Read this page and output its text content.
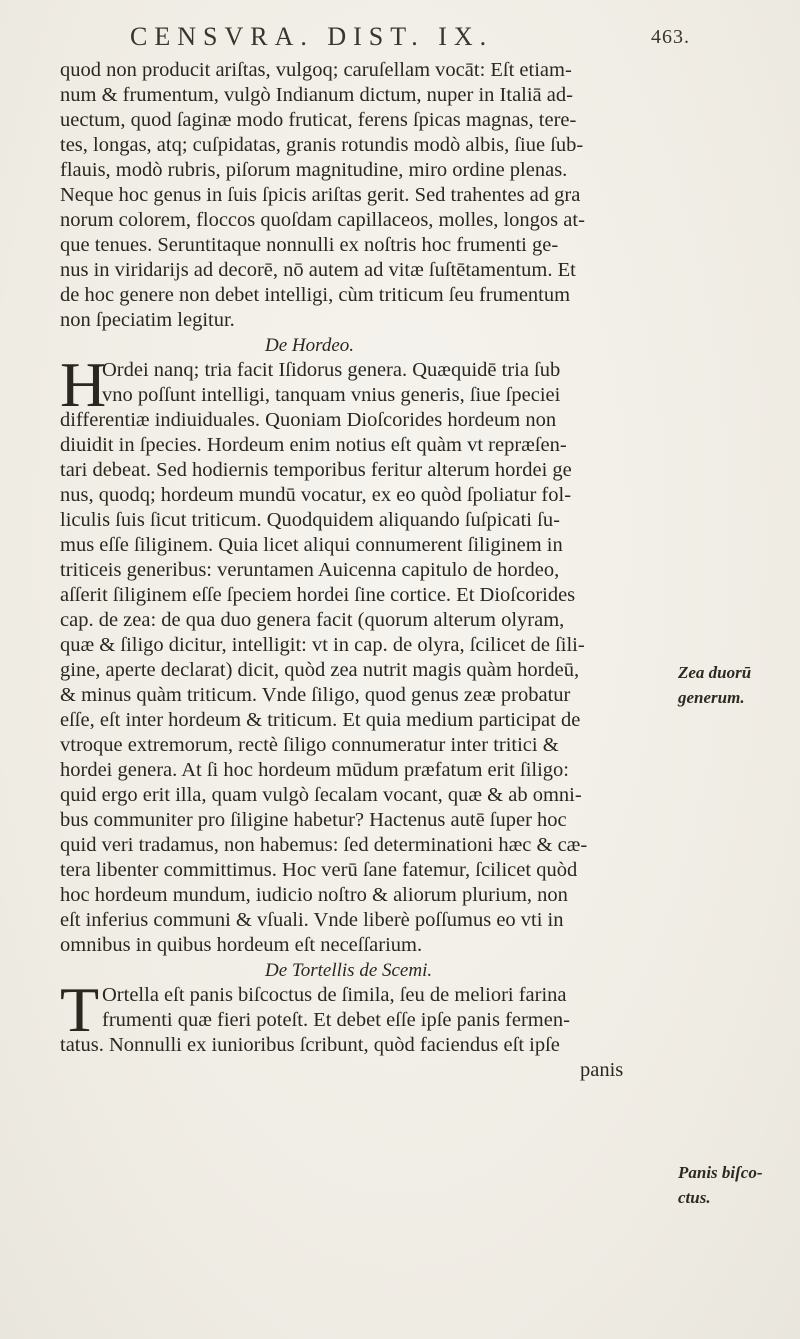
CENSVRA. DIST. IX.	463.
quod non producit ariſtas, vulgoq; caruſellam vocāt: Eſt etiam-
num & frumentum, vulgò Indianum dictum, nuper in Italiā ad-
uectum, quod ſaginæ modo fruticat, ferens ſpicas magnas, tere-
tes, longas, atq; cuſpidatas, granis rotundis modò albis, ſiue ſub-
flauis, modò rubris, piſorum magnitudine, miro ordine plenas.
Neque hoc genus in ſuis ſpicis ariſtas gerit. Sed trahentes ad gra
norum colorem, floccos quoſdam capillaceos, molles, longos at-
que tenues. Seruntitaque nonnulli ex noſtris hoc frumenti ge-
nus in viridarijs ad decorē, nō autem ad vitæ ſuſtētamentum. Et
de hoc genere non debet intelligi, cùm triticum ſeu frumentum
non ſpeciatim legitur.
De Hordeo.
H
Ordei nanq; tria facit Iſidorus genera. Quæquidē tria ſub
vno poſſunt intelligi, tanquam vnius generis, ſiue ſpeciei
differentiæ indiuiduales. Quoniam Dioſcorides hordeum non
diuidit in ſpecies. Hordeum enim notius eſt quàm vt repræſen-
tari debeat. Sed hodiernis temporibus feritur alterum hordei ge
nus, quodq; hordeum mundū vocatur, ex eo quòd ſpoliatur fol-
liculis ſuis ſicut triticum. Quodquidem aliquando ſuſpicati ſu-
mus eſſe ſiliginem. Quia licet aliqui connumerent ſiliginem in
triticeis generibus: veruntamen Auicenna capitulo de hordeo,
aſſerit ſiliginem eſſe ſpeciem hordei ſine cortice. Et Dioſcorides
cap. de zea: de qua duo genera facit (quorum alterum olyram,
quæ & ſiligo dicitur, intelligit: vt in cap. de olyra, ſcilicet de ſili-
gine, aperte declarat) dicit, quòd zea nutrit magis quàm hordeū,
& minus quàm triticum. Vnde ſiligo, quod genus zeæ probatur
eſſe, eſt inter hordeum & triticum. Et quia medium participat de
vtroque extremorum, rectè ſiligo connumeratur inter tritici &
hordei genera. At ſi hoc hordeum mūdum præfatum erit ſiligo:
quid ergo erit illa, quam vulgò ſecalam vocant, quæ & ab omni-
bus communiter pro ſiligine habetur? Hactenus autē ſuper hoc
quid veri tradamus, non habemus: ſed determinationi hæc & cæ-
tera libenter committimus. Hoc verū ſane fatemur, ſcilicet quòd
hoc hordeum mundum, iudicio noſtro & aliorum plurium, non
eſt inferius communi & vſuali. Vnde liberè poſſumus eo vti in
omnibus in quibus hordeum eſt neceſſarium.
De Tortellis de Scemi.
T Ortella eſt panis biſcoctus de ſimila, ſeu de meliori farina
frumenti quæ fieri poteſt. Et debet eſſe ipſe panis fermen-
tatus. Nonnulli ex iunioribus ſcribunt, quòd faciendus eſt ipſe
panis
Zea duorū
generum.
Panis biſco-
ctus.
